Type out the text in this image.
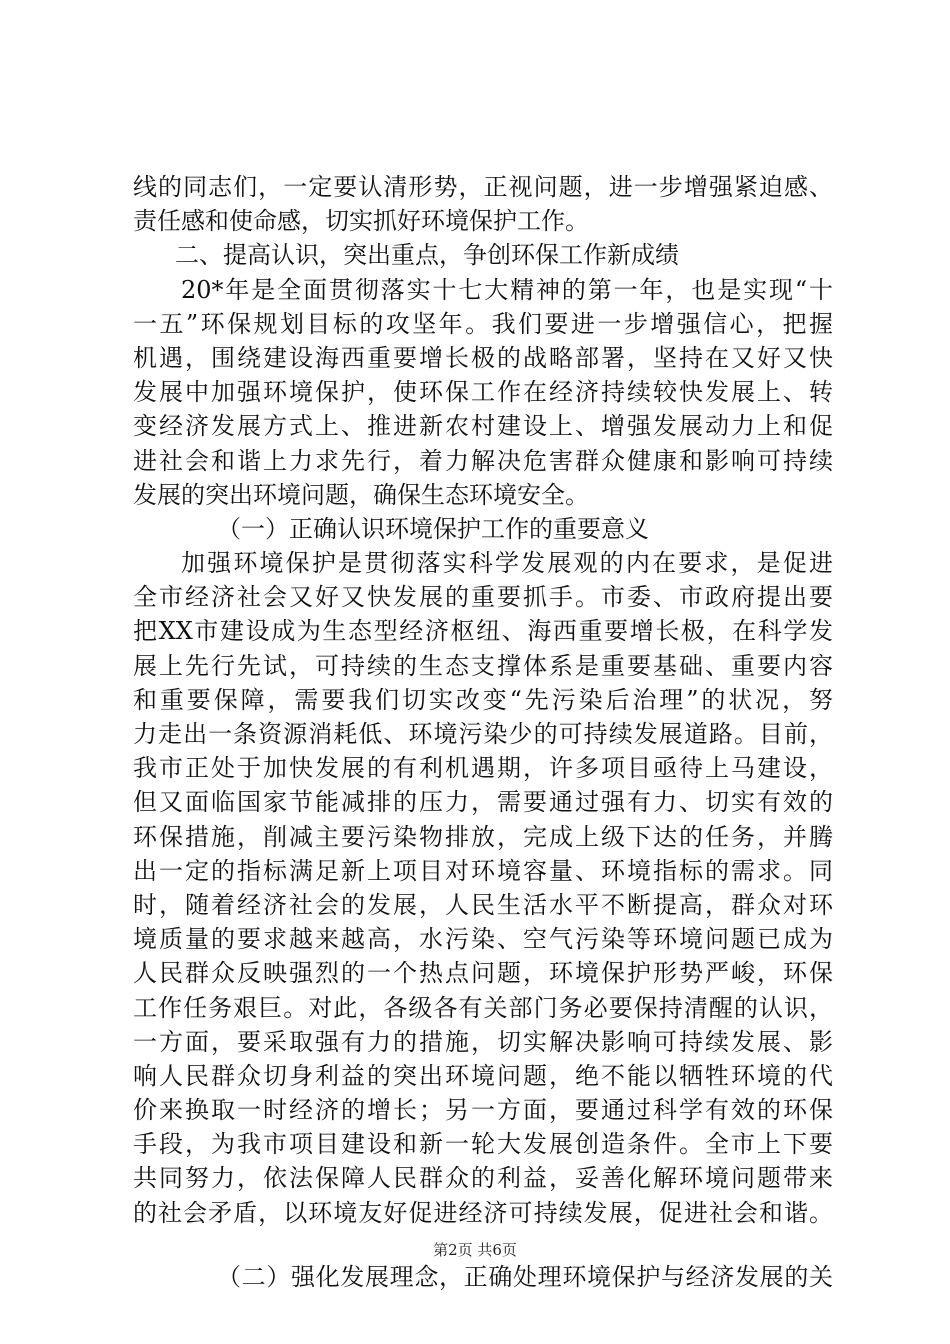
线的同志们，一定要认清形势，正视问题，进一步增强紧迫感、
责任感和使命感，切实抓好环境保护工作。
二、提高认识，突出重点，争创环保工作新成绩
20*年是全面贯彻落实十七大精神的第一年，也是实现“十
一五”环保规划目标的攻坚年。我们要进一步增强信心，把握
机遇，围绕建设海西重要增长极的战略部署，坚持在又好又快
发展中加强环境保护，使环保工作在经济持续较快发展上、转
变经济发展方式上、推进新农村建设上、增强发展动力上和促
进社会和谐上力求先行，着力解决危害群众健康和影响可持续
发展的突出环境问题，确保生态环境安全。
（一）正确认识环境保护工作的重要意义
加强环境保护是贯彻落实科学发展观的内在要求，是促进
全市经济社会又好又快发展的重要抓手。市委、市政府提出要
把XX市建设成为生态型经济枢纽、海西重要增长极，在科学发
展上先行先试，可持续的生态支撑体系是重要基础、重要内容
和重要保障，需要我们切实改变“先污染后治理”的状况，努
力走出一条资源消耗低、环境污染少的可持续发展道路。目前，
我市正处于加快发展的有利机遇期，许多项目亟待上马建设，
但又面临国家节能减排的压力，需要通过强有力、切实有效的
环保措施，削减主要污染物排放，完成上级下达的任务，并腾
出一定的指标满足新上项目对环境容量、环境指标的需求。同
时，随着经济社会的发展，人民生活水平不断提高，群众对环
境质量的要求越来越高，水污染、空气污染等环境问题已成为
人民群众反映强烈的一个热点问题，环境保护形势严峻，环保
工作任务艰巨。对此，各级各有关部门务必要保持清醒的认识，
一方面，要采取强有力的措施，切实解决影响可持续发展、影
响人民群众切身利益的突出环境问题，绝不能以牺牲环境的代
价来换取一时经济的增长；另一方面，要通过科学有效的环保
手段，为我市项目建设和新一轮大发展创造条件。全市上下要
共同努力，依法保障人民群众的利益，妥善化解环境问题带来
的社会矛盾，以环境友好促进经济可持续发展，促进社会和谐。
（二）强化发展理念，正确处理环境保护与经济发展的关
第2页 共6页
